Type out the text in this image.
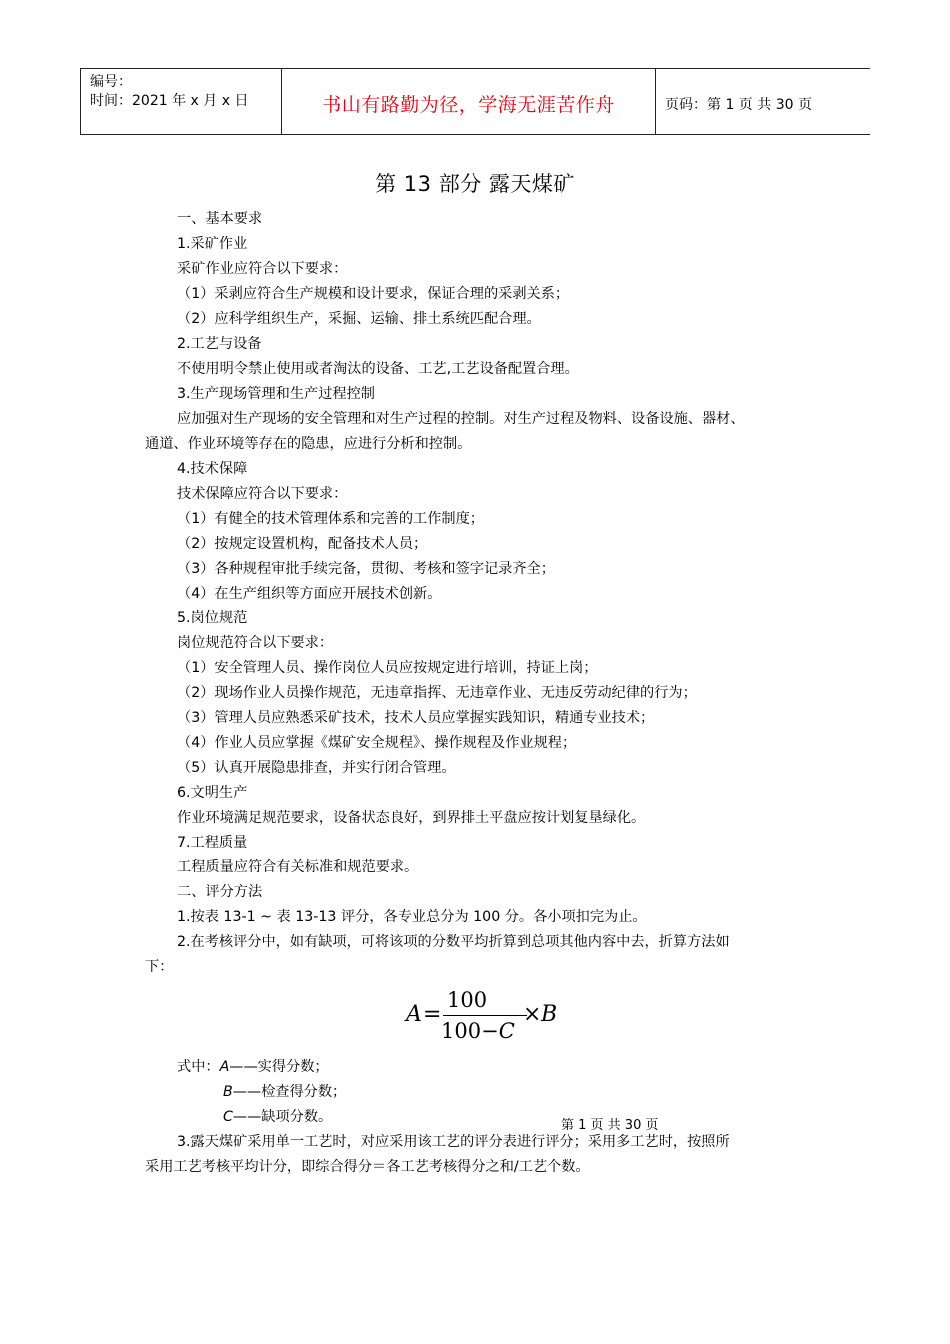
编号：
时间：2021 年 x 月 x 日	书山有路勤为径，学海无涯苦作舟	页码：第 1 页 共 30 页
第 13 部分 露天煤矿
一、基本要求
1.采矿作业
采矿作业应符合以下要求：
（1）采剥应符合生产规模和设计要求，保证合理的采剥关系；
（2）应科学组织生产，采掘、运输、排土系统匹配合理。
2.工艺与设备
不使用明令禁止使用或者淘汰的设备、工艺,工艺设备配置合理。
3.生产现场管理和生产过程控制
应加强对生产现场的安全管理和对生产过程的控制。对生产过程及物料、设备设施、器材、
通道、作业环境等存在的隐患，应进行分析和控制。
4.技术保障
技术保障应符合以下要求：
（1）有健全的技术管理体系和完善的工作制度；
（2）按规定设置机构，配备技术人员；
（3）各种规程审批手续完备，贯彻、考核和签字记录齐全；
（4）在生产组织等方面应开展技术创新。
5.岗位规范
岗位规范符合以下要求：
（1）安全管理人员、操作岗位人员应按规定进行培训，持证上岗；
（2）现场作业人员操作规范，无违章指挥、无违章作业、无违反劳动纪律的行为；
（3）管理人员应熟悉采矿技术，技术人员应掌握实践知识，精通专业技术；
（4）作业人员应掌握《煤矿安全规程》、操作规程及作业规程；
（5）认真开展隐患排查，并实行闭合管理。
6.文明生产
作业环境满足规范要求，设备状态良好，到界排土平盘应按计划复垦绿化。
7.工程质量
工程质量应符合有关标准和规范要求。
二、评分方法
1.按表 13-1 ~ 表 13-13 评分，各专业总分为 100 分。各小项扣完为止。
2.在考核评分中，如有缺项，可将该项的分数平均折算到总项其他内容中去，折算方法如
下：
A =
100
100−C
× B
式中：A——实得分数；
B——检查得分数；
C——缺项分数。
第 1 页 共 30 页
3.露天煤矿采用单一工艺时，对应采用该工艺的评分表进行评分；采用多工艺时，按照所
采用工艺考核平均计分，即综合得分＝各工艺考核得分之和/工艺个数。
